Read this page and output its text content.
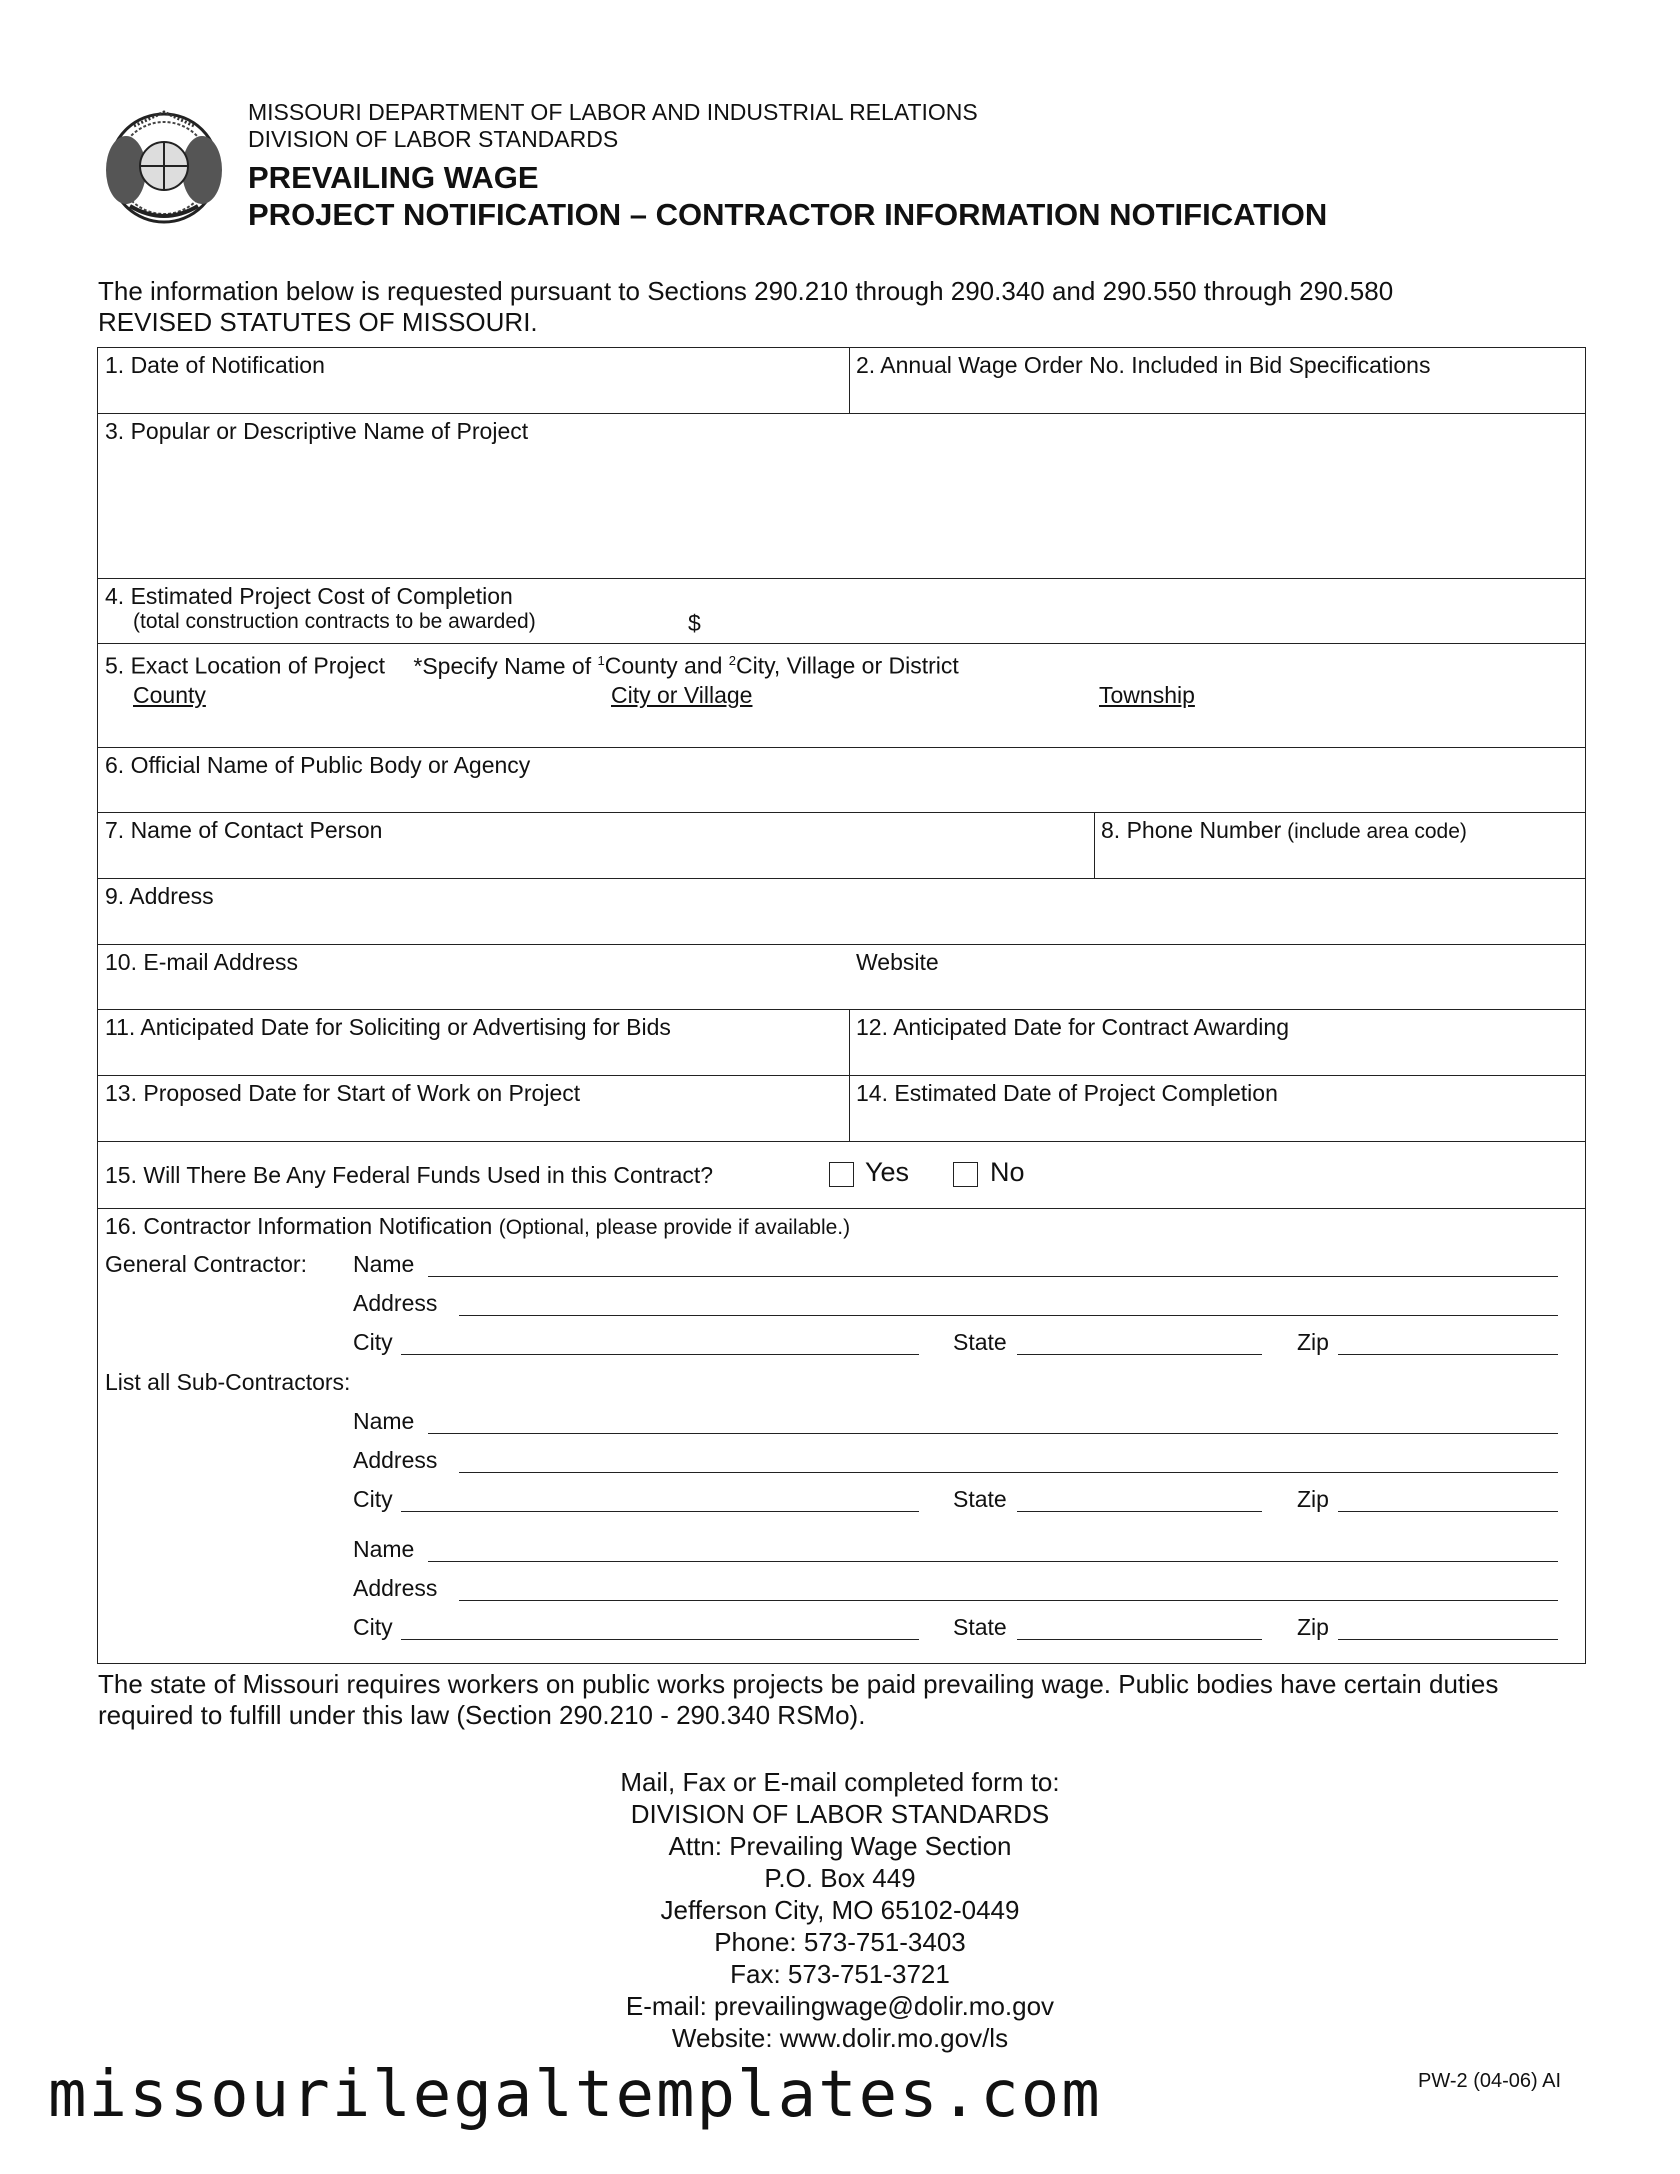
MISSOURI DEPARTMENT OF LABOR AND INDUSTRIAL RELATIONS
DIVISION OF LABOR STANDARDS
PREVAILING WAGE
PROJECT NOTIFICATION – CONTRACTOR INFORMATION NOTIFICATION
The information below is requested pursuant to Sections 290.210 through 290.340 and 290.550 through 290.580
REVISED STATUTES OF MISSOURI.
1. Date of Notification	2. Annual Wage Order No. Included in Bid Specifications
3. Popular or Descriptive Name of Project
4. Estimated Project Cost of Completion
(total construction contracts to be awarded)	$
5. Exact Location of Project *Specify Name of $^1$County and $^2$City, Village or District
County	City or Village	Township
6. Official Name of Public Body or Agency
7. Name of Contact Person	8. Phone Number (include area code)
9. Address
10. E-mail Address	Website
11. Anticipated Date for Soliciting or Advertising for Bids	12. Anticipated Date for Contract Awarding
13. Proposed Date for Start of Work on Project	14. Estimated Date of Project Completion
15. Will There Be Any Federal Funds Used in this Contract?	Yes	No
16. Contractor Information Notification (Optional, please provide if available.)
General Contractor: Name
Address
City	State	Zip
List all Sub-Contractors:
Name
Address
City	State	Zip
Name
Address
City	State	Zip
The state of Missouri requires workers on public works projects be paid prevailing wage. Public bodies have certain duties
required to fulfill under this law (Section 290.210 - 290.340 RSMo).
Mail, Fax or E-mail completed form to:
DIVISION OF LABOR STANDARDS
Attn: Prevailing Wage Section
P.O. Box 449
Jefferson City, MO 65102-0449
Phone: 573-751-3403
Fax: 573-751-3721
E-mail: prevailingwage@dolir.mo.gov
Website: www.dolir.mo.gov/ls
missourilegaltemplates.com	PW-2 (04-06) AI
